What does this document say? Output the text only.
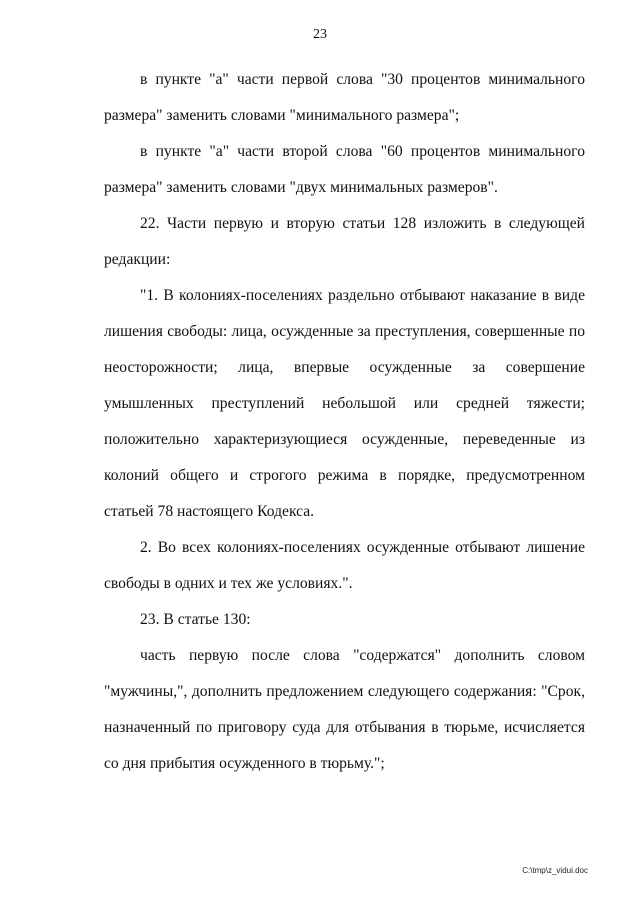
23

в пункте "а" части первой слова "30 процентов минимального размера" заменить словами "минимального размера";

в пункте "а" части второй слова "60 процентов минимального размера" заменить словами "двух минимальных размеров".

22. Части первую и вторую статьи 128 изложить в следующей редакции:

"1. В колониях-поселениях раздельно отбывают наказание в виде лишения свободы: лица, осужденные за преступления, совершенные по неосторожности; лица, впервые осужденные за совершение умышленных преступлений небольшой или средней тяжести; положительно характеризующиеся осужденные, переведенные из колоний общего и строгого режима в порядке, предусмотренном статьей 78 настоящего Кодекса.

2. Во всех колониях-поселениях осужденные отбывают лишение свободы в одних и тех же условиях.".

23. В статье 130:

часть первую после слова "содержатся" дополнить словом "мужчины,", дополнить предложением следующего содержания: "Срок, назначенный по приговору суда для отбывания в тюрьме, исчисляется со дня прибытия осужденного в тюрьму.";

C:\tmp\z_vidui.doc
